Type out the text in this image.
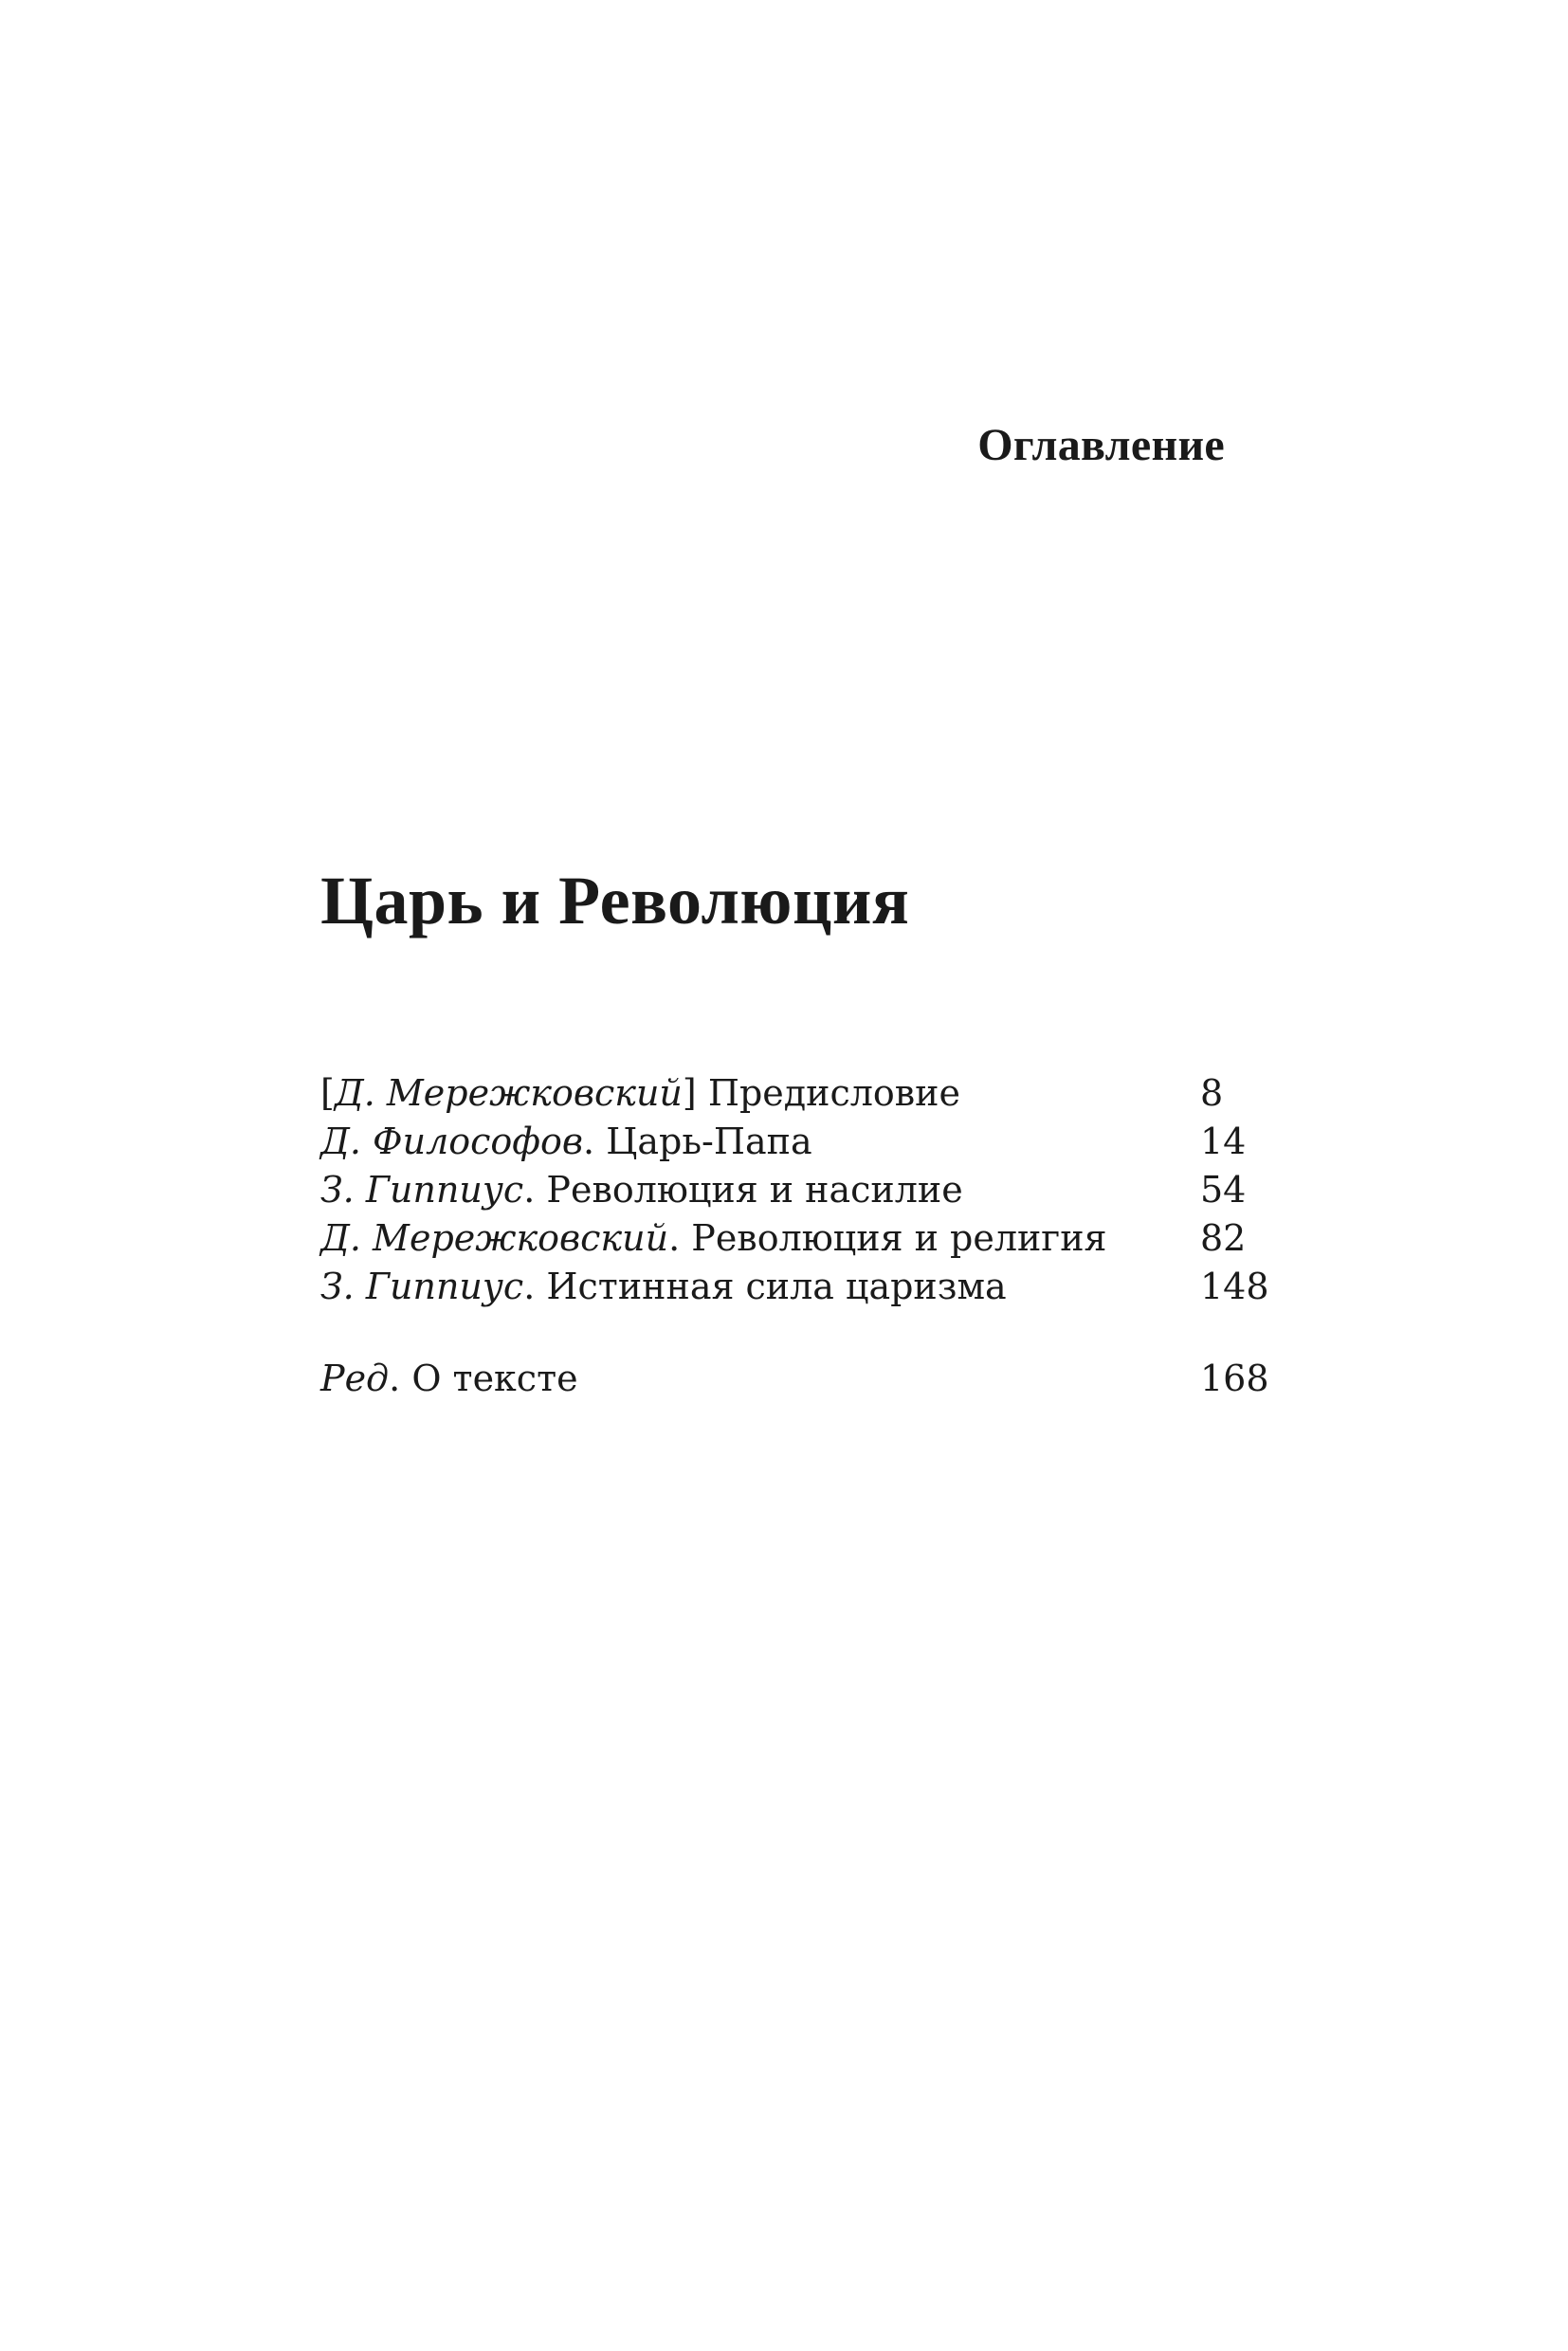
Оглавление
Царь и Революция
[Д. Мережковский] Предисловие	8
Д. Философов. Царь-Папа	14
З. Гиппиус. Революция и насилие	54
Д. Мережковский. Революция и религия	82
З. Гиппиус. Истинная сила царизма	148
Ред. О тексте	168
